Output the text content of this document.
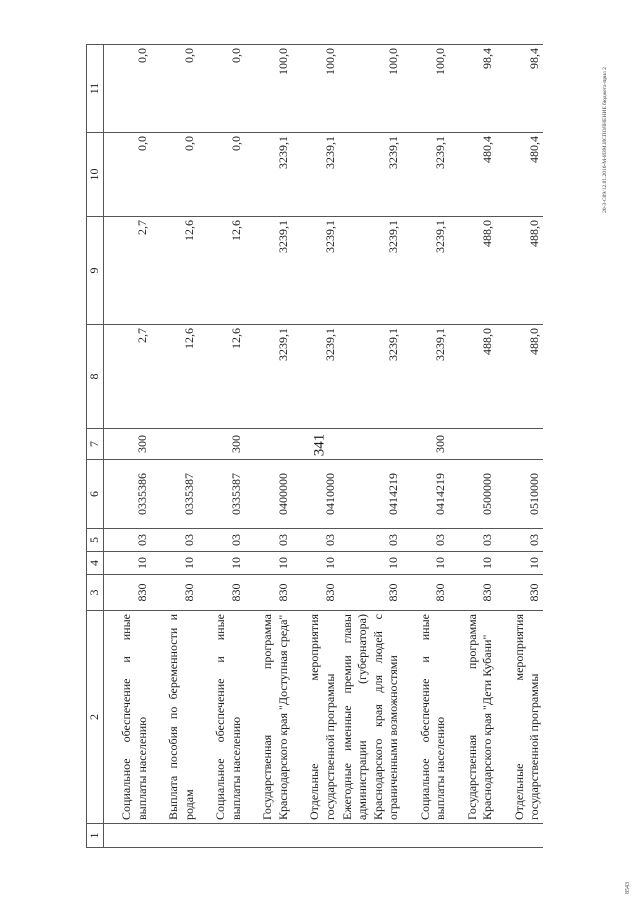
341
20-3-С09/12.01.2016-М-ИЗМ.ИСПОЛНЕНИЕ бюджета-прил 2
8543
1	2	3	4	5	6	7	8	9	10	11
	Социальное обеспечение и иные выплаты населению	830	10	03	0335386	300	2,7	2,7	0,0	0,0
	Выплата пособия по беременности и родам	830	10	03	0335387		12,6	12,6	0,0	0,0
	Социальное обеспечение и иные выплаты населению	830	10	03	0335387	300	12,6	12,6	0,0	0,0
	Государственная программа Краснодарского края "Доступная среда"	830	10	03	0400000		3239,1	3239,1	3239,1	100,0
	Отдельные мероприятия государственной программы	830	10	03	0410000		3239,1	3239,1	3239,1	100,0
	Ежегодные именные премии главы администрации (губернатора) Краснодарского края для людей с ограниченными возможностями	830	10	03	0414219		3239,1	3239,1	3239,1	100,0
	Социальное обеспечение и иные выплаты населению	830	10	03	0414219	300	3239,1	3239,1	3239,1	100,0
	Государственная программа Краснодарского края "Дети Кубани"	830	10	03	0500000		488,0	488,0	480,4	98,4
	Отдельные мероприятия государственной программы	830	10	03	0510000		488,0	488,0	480,4	98,4
